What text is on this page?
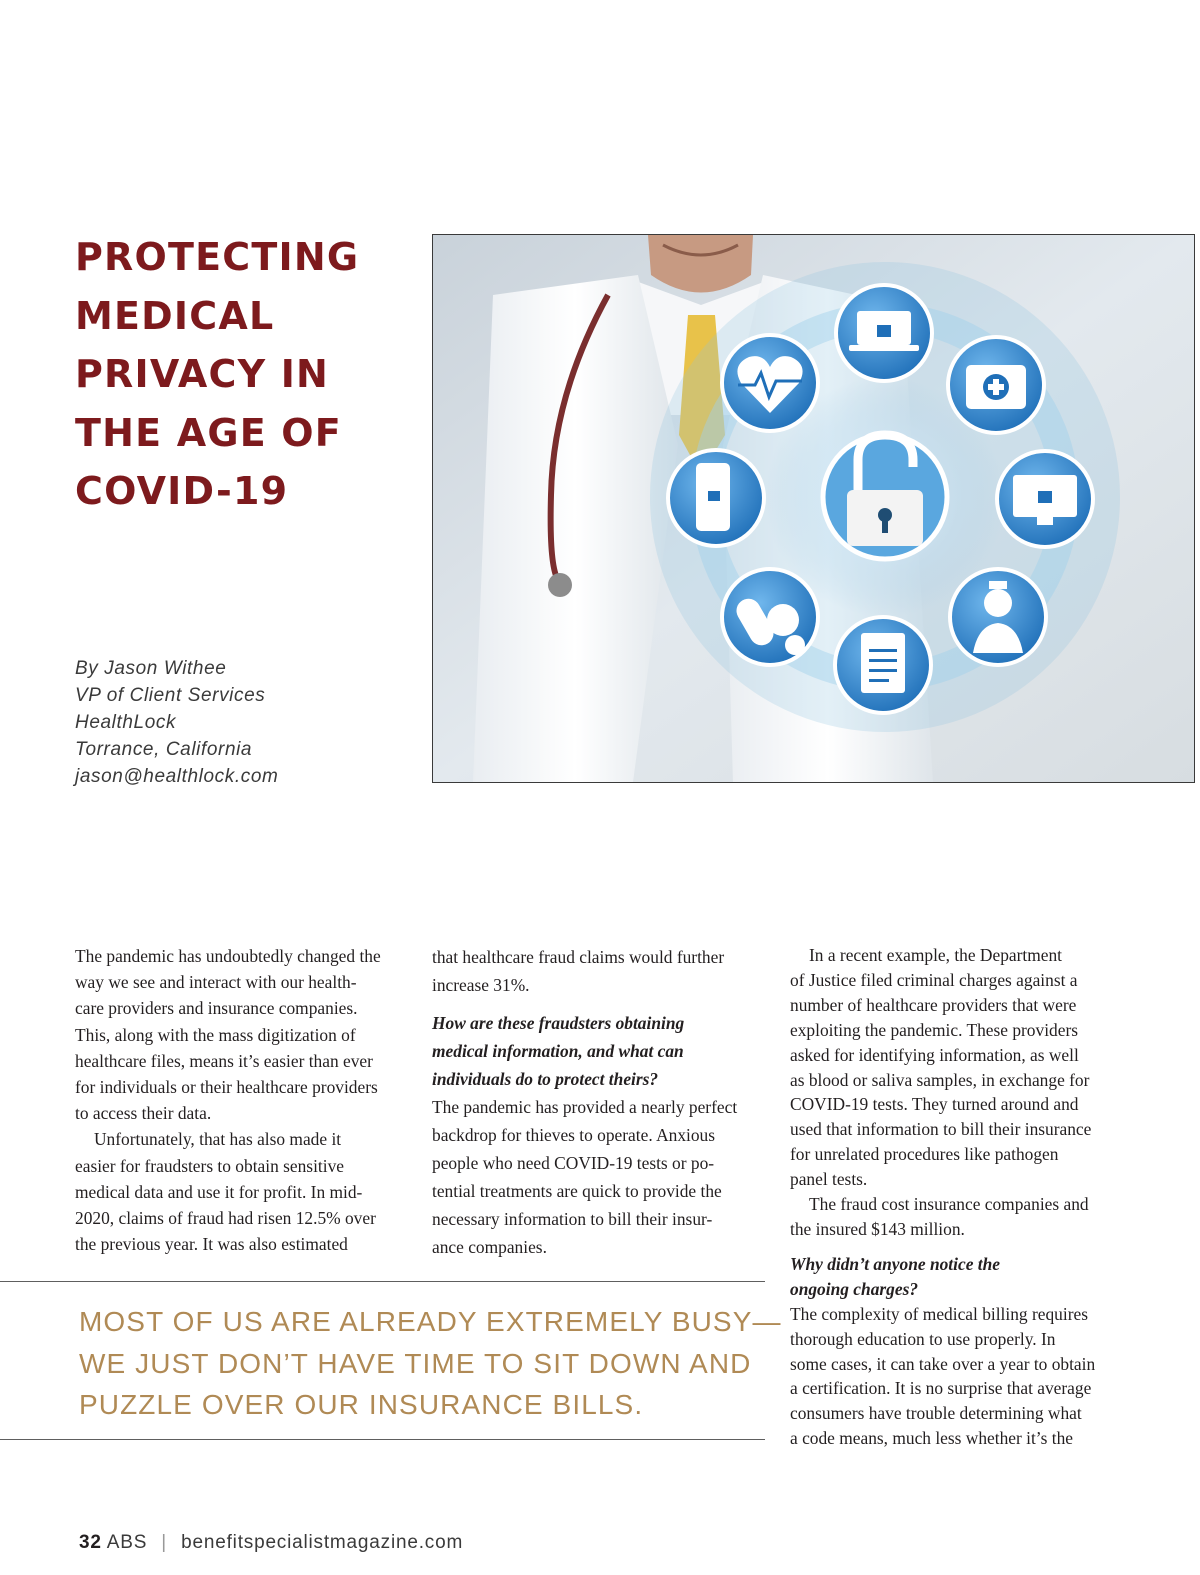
PROTECTING
MEDICAL
PRIVACY IN
THE AGE OF
COVID-19
By Jason Withee
VP of Client Services
HealthLock
Torrance, California
jason@healthlock.com
The pandemic has undoubtedly changed the
way we see and interact with our health-
care providers and insurance companies.
This, along with the mass digitization of
healthcare files, means it’s easier than ever
for individuals or their healthcare providers
to access their data.
Unfortunately, that has also made it
easier for fraudsters to obtain sensitive
medical data and use it for profit. In mid-
2020, claims of fraud had risen 12.5% over
the previous year. It was also estimated
that healthcare fraud claims would further
increase 31%.
How are these fraudsters obtaining
medical information, and what can
individuals do to protect theirs?
The pandemic has provided a nearly perfect
backdrop for thieves to operate. Anxious
people who need COVID-19 tests or po-
tential treatments are quick to provide the
necessary information to bill their insur-
ance companies.
In a recent example, the Department
of Justice filed criminal charges against a
number of healthcare providers that were
exploiting the pandemic. These providers
asked for identifying information, as well
as blood or saliva samples, in exchange for
COVID-19 tests. They turned around and
used that information to bill their insurance
for unrelated procedures like pathogen
panel tests.
The fraud cost insurance companies and
the insured $143 million.
Why didn’t anyone notice the
ongoing charges?
The complexity of medical billing requires
thorough education to use properly. In
some cases, it can take over a year to obtain
a certification. It is no surprise that average
consumers have trouble determining what
a code means, much less whether it’s the
MOST OF US ARE ALREADY EXTREMELY BUSY—
WE JUST DON’T HAVE TIME TO SIT DOWN AND
PUZZLE OVER OUR INSURANCE BILLS.
32 ABS | benefitspecialistmagazine.com
